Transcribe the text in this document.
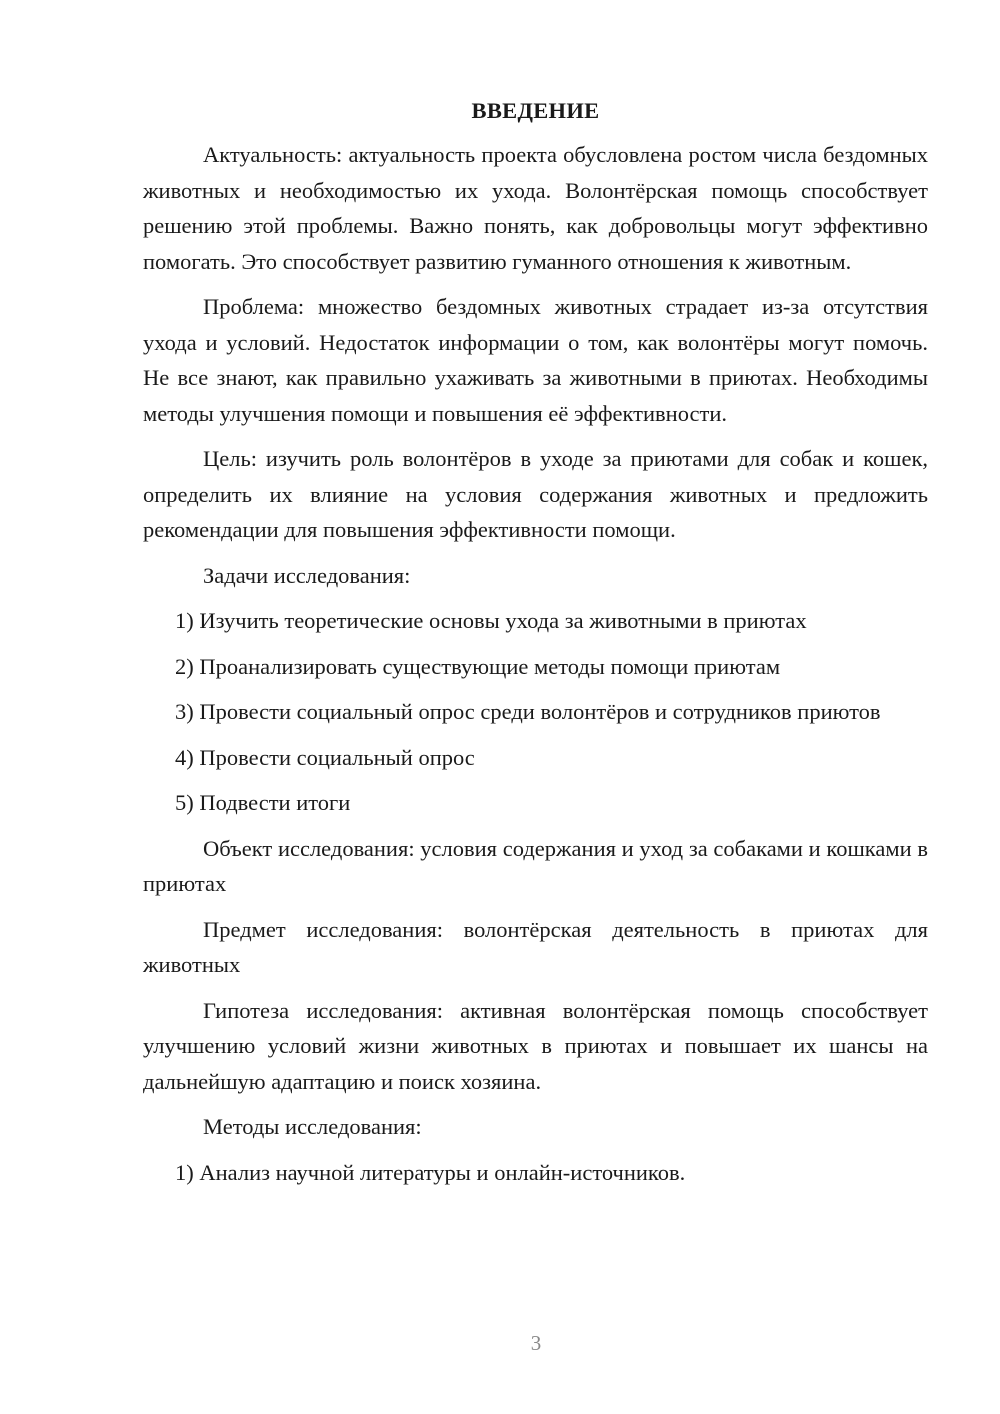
ВВЕДЕНИЕ

Актуальность: актуальность проекта обусловлена ростом числа бездомных животных и необходимостью их ухода. Волонтёрская помощь способствует решению этой проблемы. Важно понять, как добровольцы могут эффективно помогать. Это способствует развитию гуманного отношения к животным.

Проблема: множество бездомных животных страдает из-за отсутствия ухода и условий. Недостаток информации о том, как волонтёры могут помочь. Не все знают, как правильно ухаживать за животными в приютах. Необходимы методы улучшения помощи и повышения её эффективности.

Цель: изучить роль волонтёров в уходе за приютами для собак и кошек, определить их влияние на условия содержания животных и предложить рекомендации для повышения эффективности помощи.

Задачи исследования:

1) Изучить теоретические основы ухода за животными в приютах

2) Проанализировать существующие методы помощи приютам

3) Провести социальный опрос среди волонтёров и сотрудников приютов

4) Провести социальный опрос

5) Подвести итоги

Объект исследования: условия содержания и уход за собаками и кошками в приютах

Предмет исследования: волонтёрская деятельность в приютах для животных

Гипотеза исследования: активная волонтёрская помощь способствует улучшению условий жизни животных в приютах и повышает их шансы на дальнейшую адаптацию и поиск хозяина.

Методы исследования:

1) Анализ научной литературы и онлайн-источников.

3
